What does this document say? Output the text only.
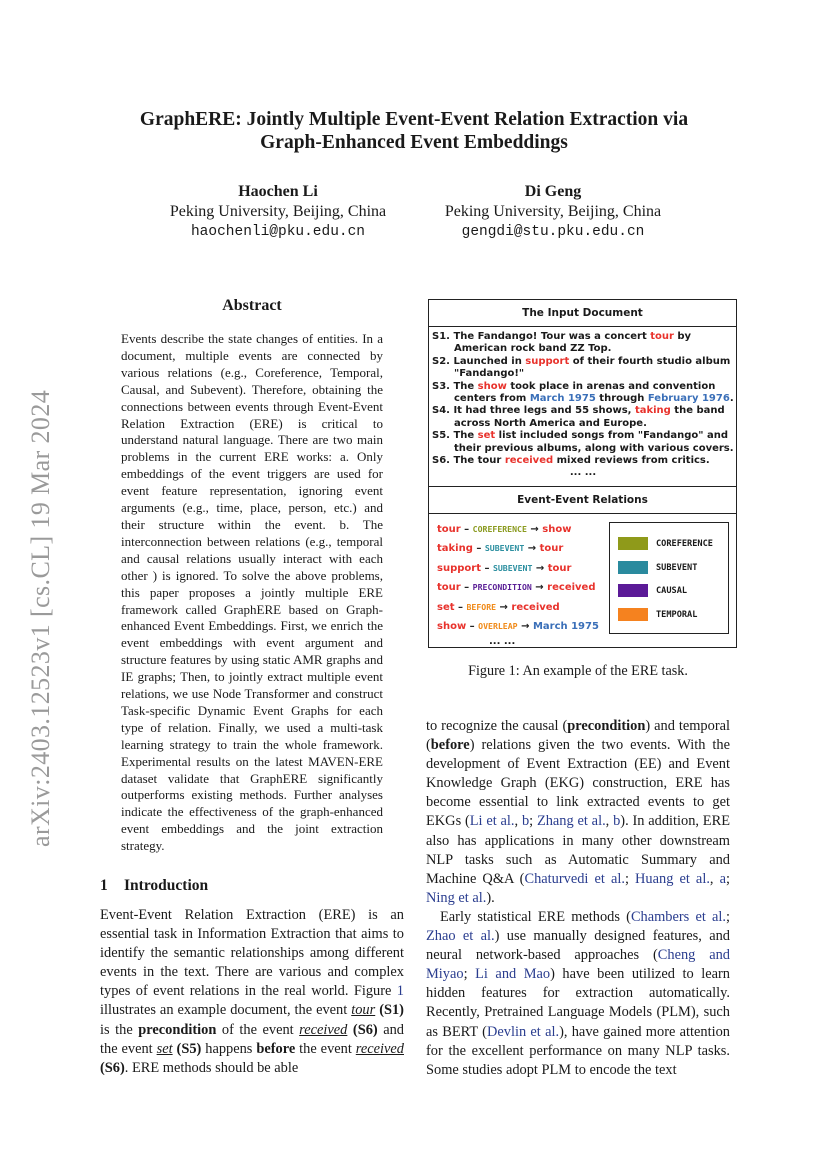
arXiv:2403.12523v1 [cs.CL] 19 Mar 2024
GraphERE: Jointly Multiple Event-Event Relation Extraction via
Graph-Enhanced Event Embeddings
Haochen Li
Peking University, Beijing, China
haochenli@pku.edu.cn
Di Geng
Peking University, Beijing, China
gengdi@stu.pku.edu.cn
Abstract
Events describe the state changes of entities. In a document, multiple events are connected by various relations (e.g., Coreference, Temporal, Causal, and Subevent). Therefore, obtaining the connections between events through Event-Event Relation Extraction (ERE) is critical to understand natural language. There are two main problems in the current ERE works: a. Only embeddings of the event triggers are used for event feature representation, ignoring event arguments (e.g., time, place, person, etc.) and their structure within the event. b. The interconnection between relations (e.g., temporal and causal relations usually interact with each other ) is ignored. To solve the above problems, this paper proposes a jointly multiple ERE framework called GraphERE based on Graph-enhanced Event Embeddings. First, we enrich the event embeddings with event argument and structure features by using static AMR graphs and IE graphs; Then, to jointly extract multiple event relations, we use Node Transformer and construct Task-specific Dynamic Event Graphs for each type of relation. Finally, we used a multi-task learning strategy to train the whole framework. Experimental results on the latest MAVEN-ERE dataset validate that GraphERE significantly outperforms existing methods. Further analyses indicate the effectiveness of the graph-enhanced event embeddings and the joint extraction strategy.
1 Introduction

Event-Event Relation Extraction (ERE) is an essential task in Information Extraction that aims to identify the semantic relationships among different events in the text. There are various and complex types of event relations in the real world. Figure 1 illustrates an example document, the event tour (S1) is the precondition of the event received (S6) and the event set (S5) happens before the event received (S6). ERE methods should be able

The Input Document
S1. The Fandango! Tour was a concert tour by American rock band ZZ Top.
S2. Launched in support of their fourth studio album "Fandango!"
S3. The show took place in arenas and convention centers from March 1975 through February 1976.
S4. It had three legs and 55 shows, taking the band across North America and Europe.
S5. The set list included songs from "Fandango" and their previous albums, along with various covers.
S6. The tour received mixed reviews from critics.
... ...
Event-Event Relations
COREFERENCE
SUBEVENT
CAUSAL
TEMPORAL
tour – COREFERENCE → show
taking – SUBEVENT → tour
support – SUBEVENT → tour
tour – PRECONDITION → received
set – BEFORE → received
show – OVERLEAP → March 1975
... ...
Figure 1: An example of the ERE task.

to recognize the causal (precondition) and temporal (before) relations given the two events. With the development of Event Extraction (EE) and Event Knowledge Graph (EKG) construction, ERE has become essential to link extracted events to get EKGs (Li et al., b; Zhang et al., b). In addition, ERE also has applications in many other downstream NLP tasks such as Automatic Summary and Machine Q&A (Chaturvedi et al.; Huang et al., a; Ning et al.).

Early statistical ERE methods (Chambers et al.; Zhao et al.) use manually designed features, and neural network-based approaches (Cheng and Miyao; Li and Mao) have been utilized to learn hidden features for extraction automatically. Recently, Pretrained Language Models (PLM), such as BERT (Devlin et al.), have gained more attention for the excellent performance on many NLP tasks. Some studies adopt PLM to encode the text
